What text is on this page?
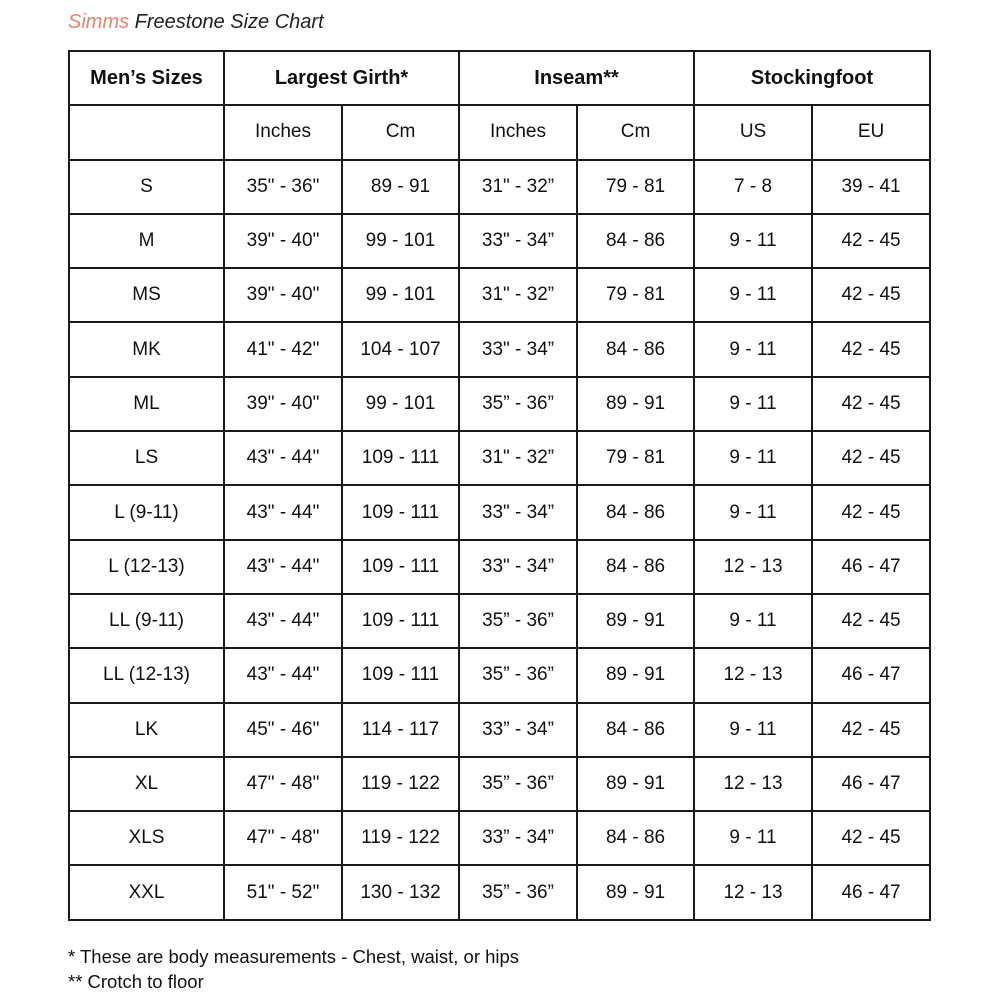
Simms Freestone Size Chart
Men’s Sizes	Largest Girth*		Inseam**		Stockingfoot	
	Inches	Cm	Inches	Cm	US	EU
S	35" - 36"	89 - 91	31" - 32”	79 - 81	7 - 8	39 - 41
M	39" - 40"	99 - 101	33" - 34”	84 - 86	9 - 11	42 - 45
MS	39" - 40"	99 - 101	31" - 32”	79 - 81	9 - 11	42 - 45
MK	41" - 42"	104 - 107	33" - 34”	84 - 86	9 - 11	42 - 45
ML	39" - 40"	99 - 101	35” - 36”	89 - 91	9 - 11	42 - 45
LS	43" - 44"	109 - 111	31" - 32”	79 - 81	9 - 11	42 - 45
L (9-11)	43" - 44"	109 - 111	33" - 34”	84 - 86	9 - 11	42 - 45
L (12-13)	43" - 44"	109 - 111	33" - 34”	84 - 86	12 - 13	46 - 47
LL (9-11)	43" - 44"	109 - 111	35” - 36”	89 - 91	9 - 11	42 - 45
LL (12-13)	43" - 44"	109 - 111	35” - 36”	89 - 91	12 - 13	46 - 47
LK	45" - 46"	114 - 117	33” - 34”	84 - 86	9 - 11	42 - 45
XL	47" - 48"	119 - 122	35” - 36”	89 - 91	12 - 13	46 - 47
XLS	47" - 48"	119 - 122	33” - 34”	84 - 86	9 - 11	42 - 45
XXL	51" - 52"	130 - 132	35” - 36”	89 - 91	12 - 13	46 - 47
* These are body measurements - Chest, waist, or hips
** Crotch to floor
